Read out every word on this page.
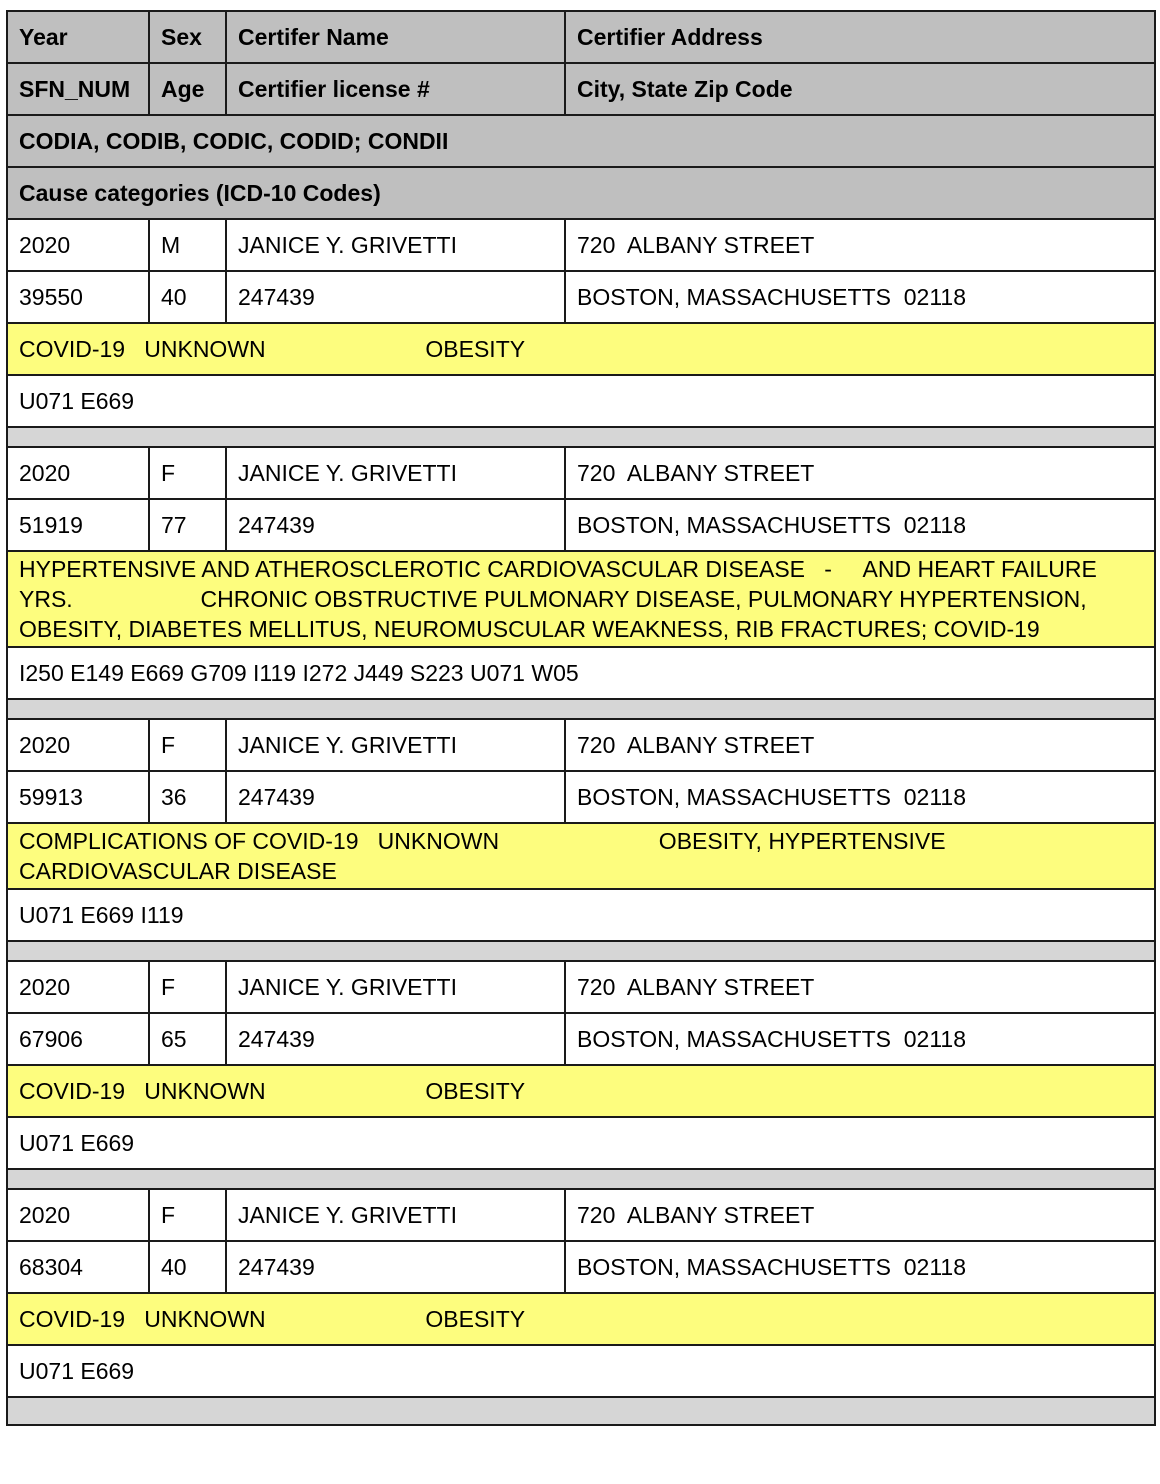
Year	Sex	Certifer Name	Certifier Address
SFN_NUM	Age	Certifier license #	City, State Zip Code
CODIA, CODIB, CODIC, CODID; CONDII			
Cause categories (ICD-10 Codes)			
2020	M	JANICE Y. GRIVETTI	720  ALBANY STREET
39550	40	247439	BOSTON, MASSACHUSETTS  02118
COVID-19   UNKNOWN                         OBESITY			
U071 E669			

2020	F	JANICE Y. GRIVETTI	720  ALBANY STREET
51919	77	247439	BOSTON, MASSACHUSETTS  02118
HYPERTENSIVE AND ATHEROSCLEROTIC CARDIOVASCULAR DISEASE   -     AND HEART FAILURE    YRS.                    CHRONIC OBSTRUCTIVE PULMONARY DISEASE, PULMONARY HYPERTENSION, OBESITY, DIABETES MELLITUS, NEUROMUSCULAR WEAKNESS, RIB FRACTURES; COVID-19			
I250 E149 E669 G709 I119 I272 J449 S223 U071 W05			

2020	F	JANICE Y. GRIVETTI	720  ALBANY STREET
59913	36	247439	BOSTON, MASSACHUSETTS  02118
COMPLICATIONS OF COVID-19   UNKNOWN                         OBESITY, HYPERTENSIVE CARDIOVASCULAR DISEASE			
U071 E669 I119			

2020	F	JANICE Y. GRIVETTI	720  ALBANY STREET
67906	65	247439	BOSTON, MASSACHUSETTS  02118
COVID-19   UNKNOWN                         OBESITY			
U071 E669			

2020	F	JANICE Y. GRIVETTI	720  ALBANY STREET
68304	40	247439	BOSTON, MASSACHUSETTS  02118
COVID-19   UNKNOWN                         OBESITY			
U071 E669			
